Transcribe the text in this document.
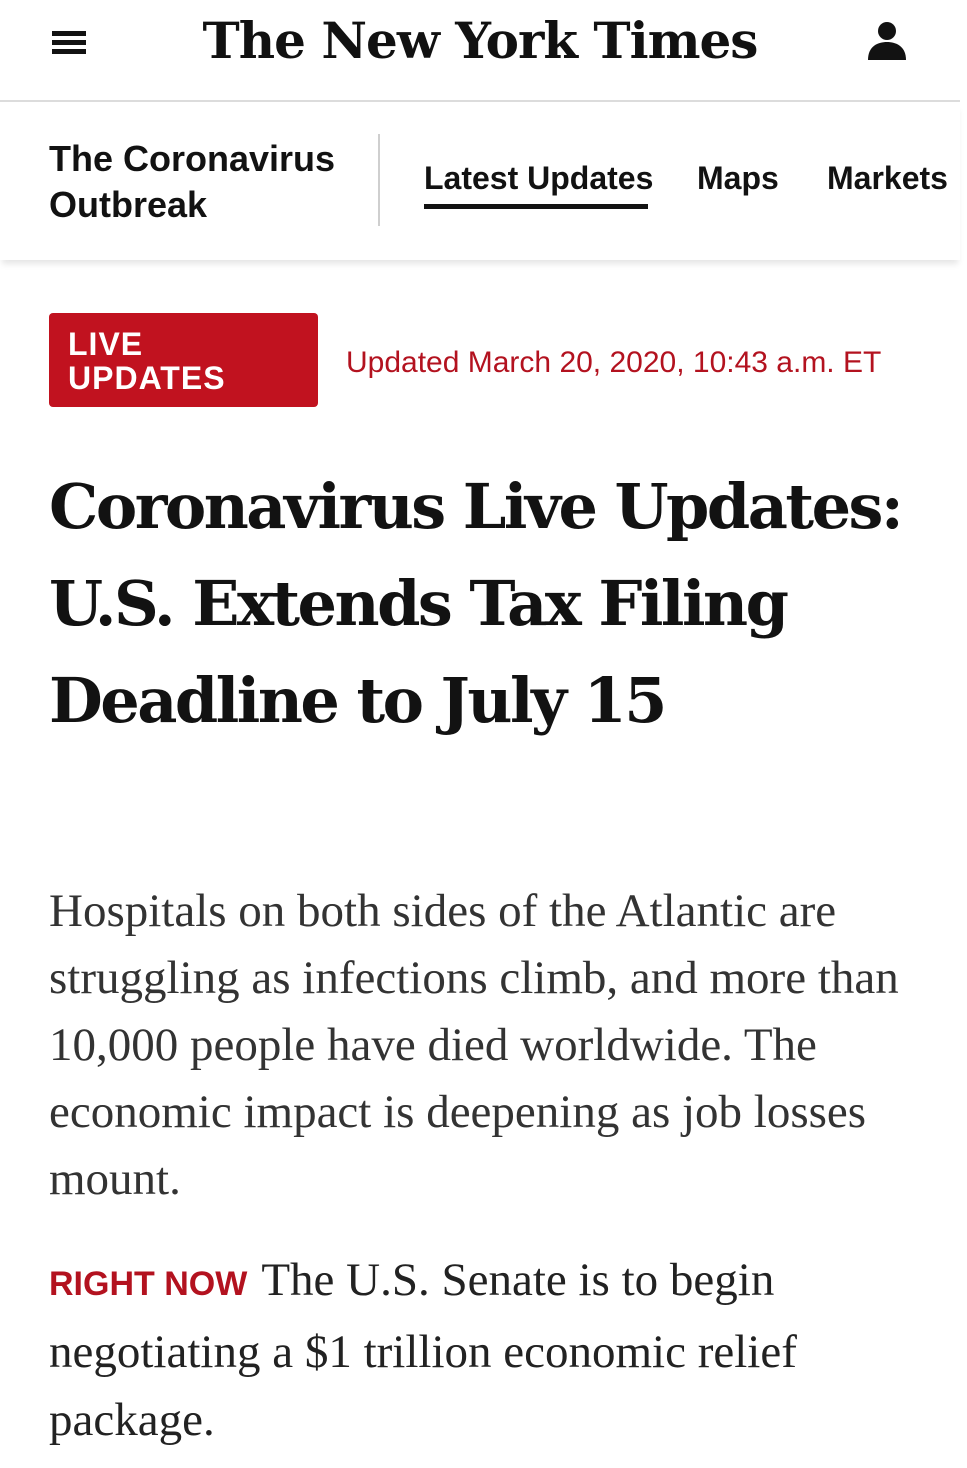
The New York Times
The Coronavirus Outbreak
Latest Updates Maps Markets
LIVE
UPDATES	Updated March 20, 2020, 10:43 a.m. ET
Coronavirus Live Updates: U.S. Extends Tax Filing Deadline to July 15

Hospitals on both sides of the Atlantic are struggling as infections climb, and more than 10,000 people have died worldwide. The economic impact is deepening as job losses mount.

RIGHT NOW The U.S. Senate is to begin negotiating a $1 trillion economic relief package.
